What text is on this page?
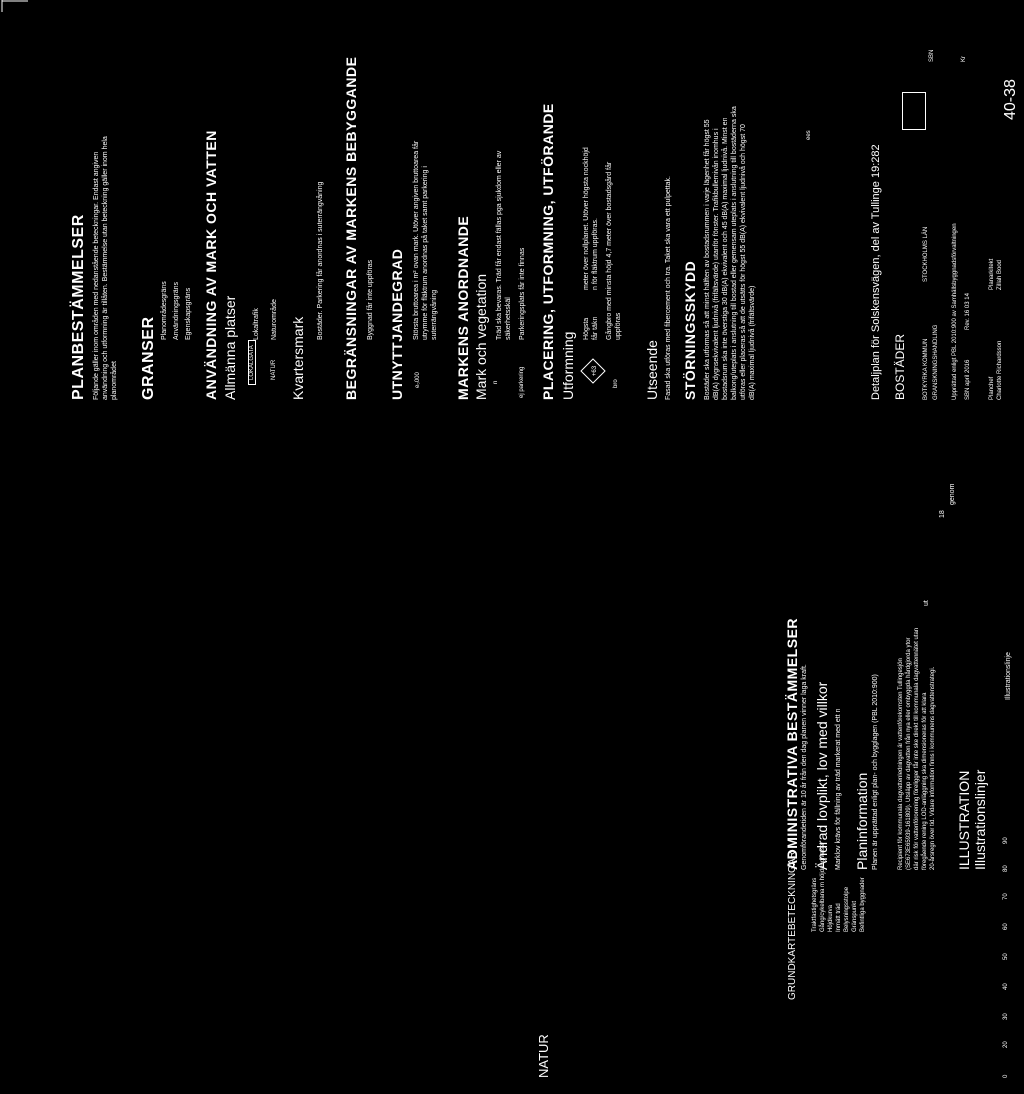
NATUR
GRUNDKARTEBETECKNINGAR Traktfastighetsgräns Gång/cykelbana m höjdangivelse Höjdkurva Inmätt träd Belysningsstolpe Gränspunkt Befintliga byggnader
0
20
30
40
50
60
70
80
90
ADMINISTRATIVA BESTÄMMELSER Genomförandetiden är 10 år från den dag planen vinner laga kraft. Ändrad lovplikt, lov med villkor Marklov krävs för fällning av träd markerat med ett n Planinformation Planen är upprättad enligt plan- och bygglagen (PBL 2010:900)	Recipient för kommunala dagvattenledningen är vattenförekomsten Tullingesjön (SE673E65939-161809). Utsläpp av dagvatten från nya eller ombyggda hårdgjorda ytor där risk för vattenförorening föreligger får inte ske direkt till kommunala dagvattennätet utan föregående rening LOD-anläggning ska dimensioneras för att klara 20-årsregn över tid. Vidare information finns i kommunens dagvattenstrategi. ILLUSTRATION Illustrationslinjer
Illustrationslinje
ut
genom
18
PLANBESTÄMMELSER Följande gäller inom områden med nedanstående beteckningar. Endast angiven användning och utformning är tillåten. Bestämmelse utan beteckning gäller inom hela planområdet GRANSER
Planområdesgräns Användningsgräns Egenskapsgräns ANVÄNDNING AV MARK OCH VATTEN Allmänna platser LOKALGATA
Lokaltrafik
NATUR
Naturområde Kvartersmark
Bostäder. Parkering får anordnas i suterrängvåning BEGRÄNSNINGAR AV MARKENS BEBYGGANDE Byggnad får inte uppföras UTNYTTJANDEGRAD e₀000
Största bruttoarea i m² ovan mark. Utöver angiven bruttoarea får utrymme för fläktrum anordnas på taket samt parkering i suterrängvåning MARKENS ANORDNANDE Mark och vegetation n
Träd ska bevaras. Träd får endast fällas pga sjukdom eller av säkerhetsskäl
ej parkering
Parkeringsplats får inte finnas PLACERING, UTFORMNING, UTFÖRANDE Utformning	+63
Högsta
meter över nollplanet. Utöver högsta nockhöjd
får täkn
n för fläktrum uppföras.
bro
Gångbro med minsta höjd 4,7 meter över bostadsgård får uppföras
Utseende Fasad ska utföras med fibercement och tra. Taket ska vara ett pulpettak. STÖRNINGSSKYDD Bostäder ska utformas så att minst hälften av bostadsrummen i varje lägenhet får högst 55 dB(A) dygnsekvivalent ljudnivå (frifältsvärde) utanför fönster. Trafikbullernivån inomhus i bostadsrum ska inte överstiga 30 dB(A) ekvivalent och 45 dB(A) maximal ljudnivå. Minst en balkong/uteplats i anslutning till bostad eller gemensam uteplats i anslutning till bostäderna ska utföras eller placeras så att de utsätts för högst 55 dB(A) ekvivalent ljudnivå och högst 70 dB(A) maximal ljudnivå (frifältsvärde)	Detaljplan för Solskensvägen, del av Tullinge 19:282 BOSTÄDER	BOTKYRKA KOMMUN
STOCKHOLMS LÄN
GRANSKNINGSHANDLING Upprättad enligt PBL 2010:900 av Samhällsbyggnadsförvaltningen SBN april 2016
Rev. 16 03 14
Planchef Charlotte Richardsson
Planarkitekt Zillah Bood
40-38
SBN	Kr
ees
